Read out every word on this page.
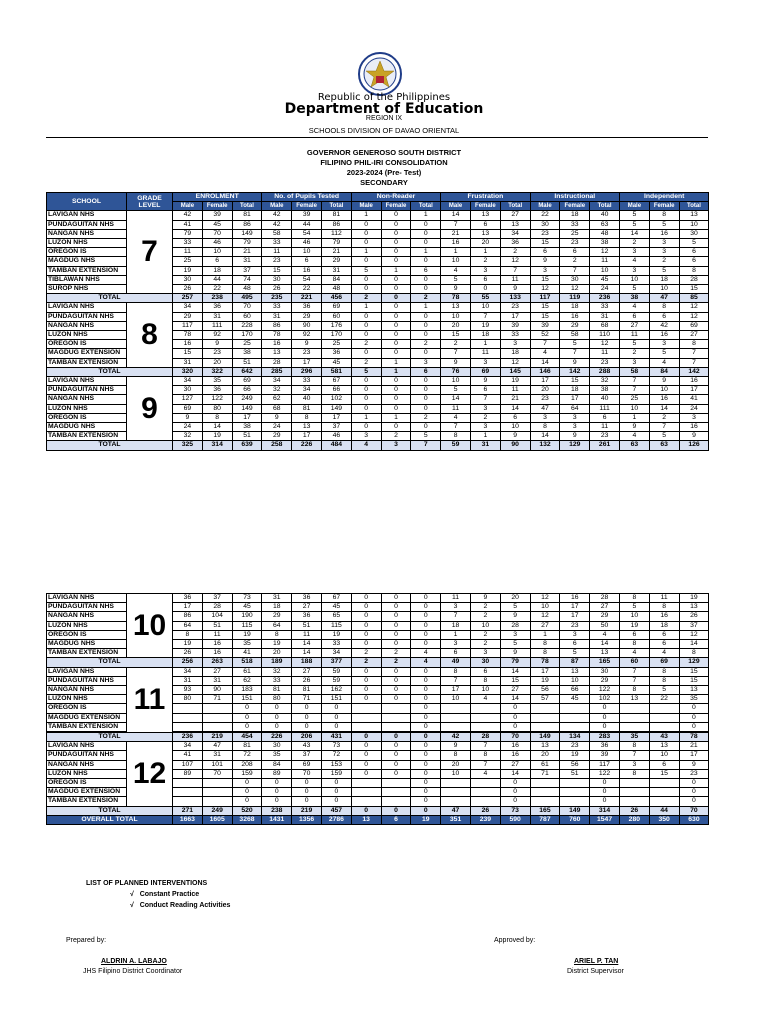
Republic of the Philippines
Department of Education
REGION IX
SCHOOLS DIVISION OF DAVAO ORIENTAL
GOVERNOR GENEROSO SOUTH DISTRICT
FILIPINO PHIL-IRI CONSOLIDATION
2023-2024 (Pre- Test)
SECONDARY
SCHOOL	GRADE LEVEL	ENROLMENT			No. of Pupils Tested			Non-Reader			Frustration			Instructional			Independent		
		Male	Female	Total	Male	Female	Total	Male	Female	Total	Male	Female	Total	Male	Female	Total	Male	Female	Total
LAVIGAN NHS	7	42	39	81	42	39	81	1	0	1	14	13	27	22	18	40	5	8	13
PUNDAGUITAN NHS		41	45	86	42	44	86	0	0	0	7	6	13	30	33	63	5	5	10
NANGAN NHS		79	70	149	58	54	112	0	0	0	21	13	34	23	25	48	14	16	30
LUZON NHS		33	46	79	33	46	79	0	0	0	16	20	36	15	23	38	2	3	5
OREGON IS		11	10	21	11	10	21	1	0	1	1	1	2	6	6	12	3	3	6
MAGDUG NHS		25	6	31	23	6	29	0	0	0	10	2	12	9	2	11	4	2	6
TAMBAN EXTENSION		19	18	37	15	16	31	5	1	6	4	3	7	3	7	10	3	5	8
TIBLAWAN NHS		30	44	74	30	54	84	0	0	0	5	6	11	15	30	45	10	18	28
SUROP NHS		26	22	48	26	22	48	0	0	0	9	0	9	12	12	24	5	10	15
TOTAL		257	238	495	235	221	456	2	0	2	78	55	133	117	119	236	38	47	85
LAVIGAN NHS	8	34	36	70	33	36	69	1	0	1	13	10	23	15	18	33	4	8	12
PUNDAGUITAN NHS		29	31	60	31	29	60	0	0	0	10	7	17	15	16	31	6	6	12
NANGAN NHS		117	111	228	86	90	176	0	0	0	20	19	39	39	29	68	27	42	69
LUZON NHS		78	92	170	78	92	170	0	0	0	15	18	33	52	58	110	11	16	27
OREGON IS		16	9	25	16	9	25	2	0	2	2	1	3	7	5	12	5	3	8
MAGDUG EXTENSION		15	23	38	13	23	36	0	0	0	7	11	18	4	7	11	2	5	7
TAMBAN EXTENSION		31	20	51	28	17	45	2	1	3	9	3	12	14	9	23	3	4	7
TOTAL		320	322	642	285	296	581	5	1	6	76	69	145	146	142	288	58	84	142
LAVIGAN NHS	9	34	35	69	34	33	67	0	0	0	10	9	19	17	15	32	7	9	16
PUNDAGUITAN NHS		30	36	66	32	34	66	0	0	0	5	6	11	20	18	38	7	10	17
NANGAN NHS		127	122	249	62	40	102	0	0	0	14	7	21	23	17	40	25	16	41
LUZON NHS		69	80	149	68	81	149	0	0	0	11	3	14	47	64	111	10	14	24
OREGON IS		9	8	17	9	8	17	1	1	2	4	2	6	3	3	6	1	2	3
MAGDUG NHS		24	14	38	24	13	37	0	0	0	7	3	10	8	3	11	9	7	16
TAMBAN EXTENSION		32	19	51	29	17	46	3	2	5	8	1	9	14	9	23	4	5	9
TOTAL		325	314	639	258	226	484	4	3	7	59	31	90	132	129	261	63	63	126
LAVIGAN NHS	10	36	37	73	31	36	67	0	0	0	11	9	20	12	16	28	8	11	19
PUNDAGUITAN NHS		17	28	45	18	27	45	0	0	0	3	2	5	10	17	27	5	8	13
NANGAN NHS		86	104	190	29	36	65	0	0	0	7	2	9	12	17	29	10	16	26
LUZON NHS		64	51	115	64	51	115	0	0	0	18	10	28	27	23	50	19	18	37
OREGON IS		8	11	19	8	11	19	0	0	0	1	2	3	1	3	4	6	6	12
MAGDUG NHS		19	16	35	19	14	33	0	0	0	3	2	5	8	6	14	8	6	14
TAMBAN EXTENSION		26	16	41	20	14	34	2	2	4	6	3	9	8	5	13	4	4	8
TOTAL		256	263	518	189	188	377	2	2	4	49	30	79	78	87	165	60	69	129
LAVIGAN NHS	11	34	27	61	32	27	59	0	0	0	8	6	14	17	13	30	7	8	15
PUNDAGUITAN NHS		31	31	62	33	26	59	0	0	0	7	8	15	19	10	29	7	8	15
NANGAN NHS		93	90	183	81	81	162	0	0	0	17	10	27	56	66	122	8	5	13
LUZON NHS		80	71	151	80	71	151	0	0	0	10	4	14	57	45	102	13	22	35
OREGON IS				0	0	0	0			0			0			0			0
MAGDUG EXTENSION				0	0	0	0			0			0			0			0
TAMBAN EXTENSION				0	0	0	0			0			0			0			0

TOTAL		236	219	454	226	206	431	0	0	0	42	28	70	149	134	283	35	43	78
LAVIGAN NHS	12	34	47	81	30	43	73	0	0	0	9	7	16	13	23	36	8	13	21
PUNDAGUITAN NHS		41	31	72	35	37	72	0	0	0	8	8	16	20	19	39	7	10	17
NANGAN NHS		107	101	208	84	69	153	0	0	0	20	7	27	61	56	117	3	6	9
LUZON NHS		89	70	159	89	70	159	0	0	0	10	4	14	71	51	122	8	15	23
OREGON IS				0	0	0	0			0			0			0			0
MAGDUG EXTENSION				0	0	0	0			0			0			0			0
TAMBAN EXTENSION				0	0	0	0			0			0			0			0
TOTAL		271	249	520	238	219	457	0	0	0	47	26	73	165	149	314	26	44	70
OVERALL TOTAL		1663	1605	3268	1431	1356	2786	13	6	19	351	239	590	787	760	1547	280	350	630
LIST OF PLANNED INTERVENTIONS
√ Constant Practice
√ Conduct Reading Activities
Prepared by:
ALDRIN A. LABAJO
JHS Filipino District Coordinator
Approved by:
ARIEL P. TAN
District Supervisor
